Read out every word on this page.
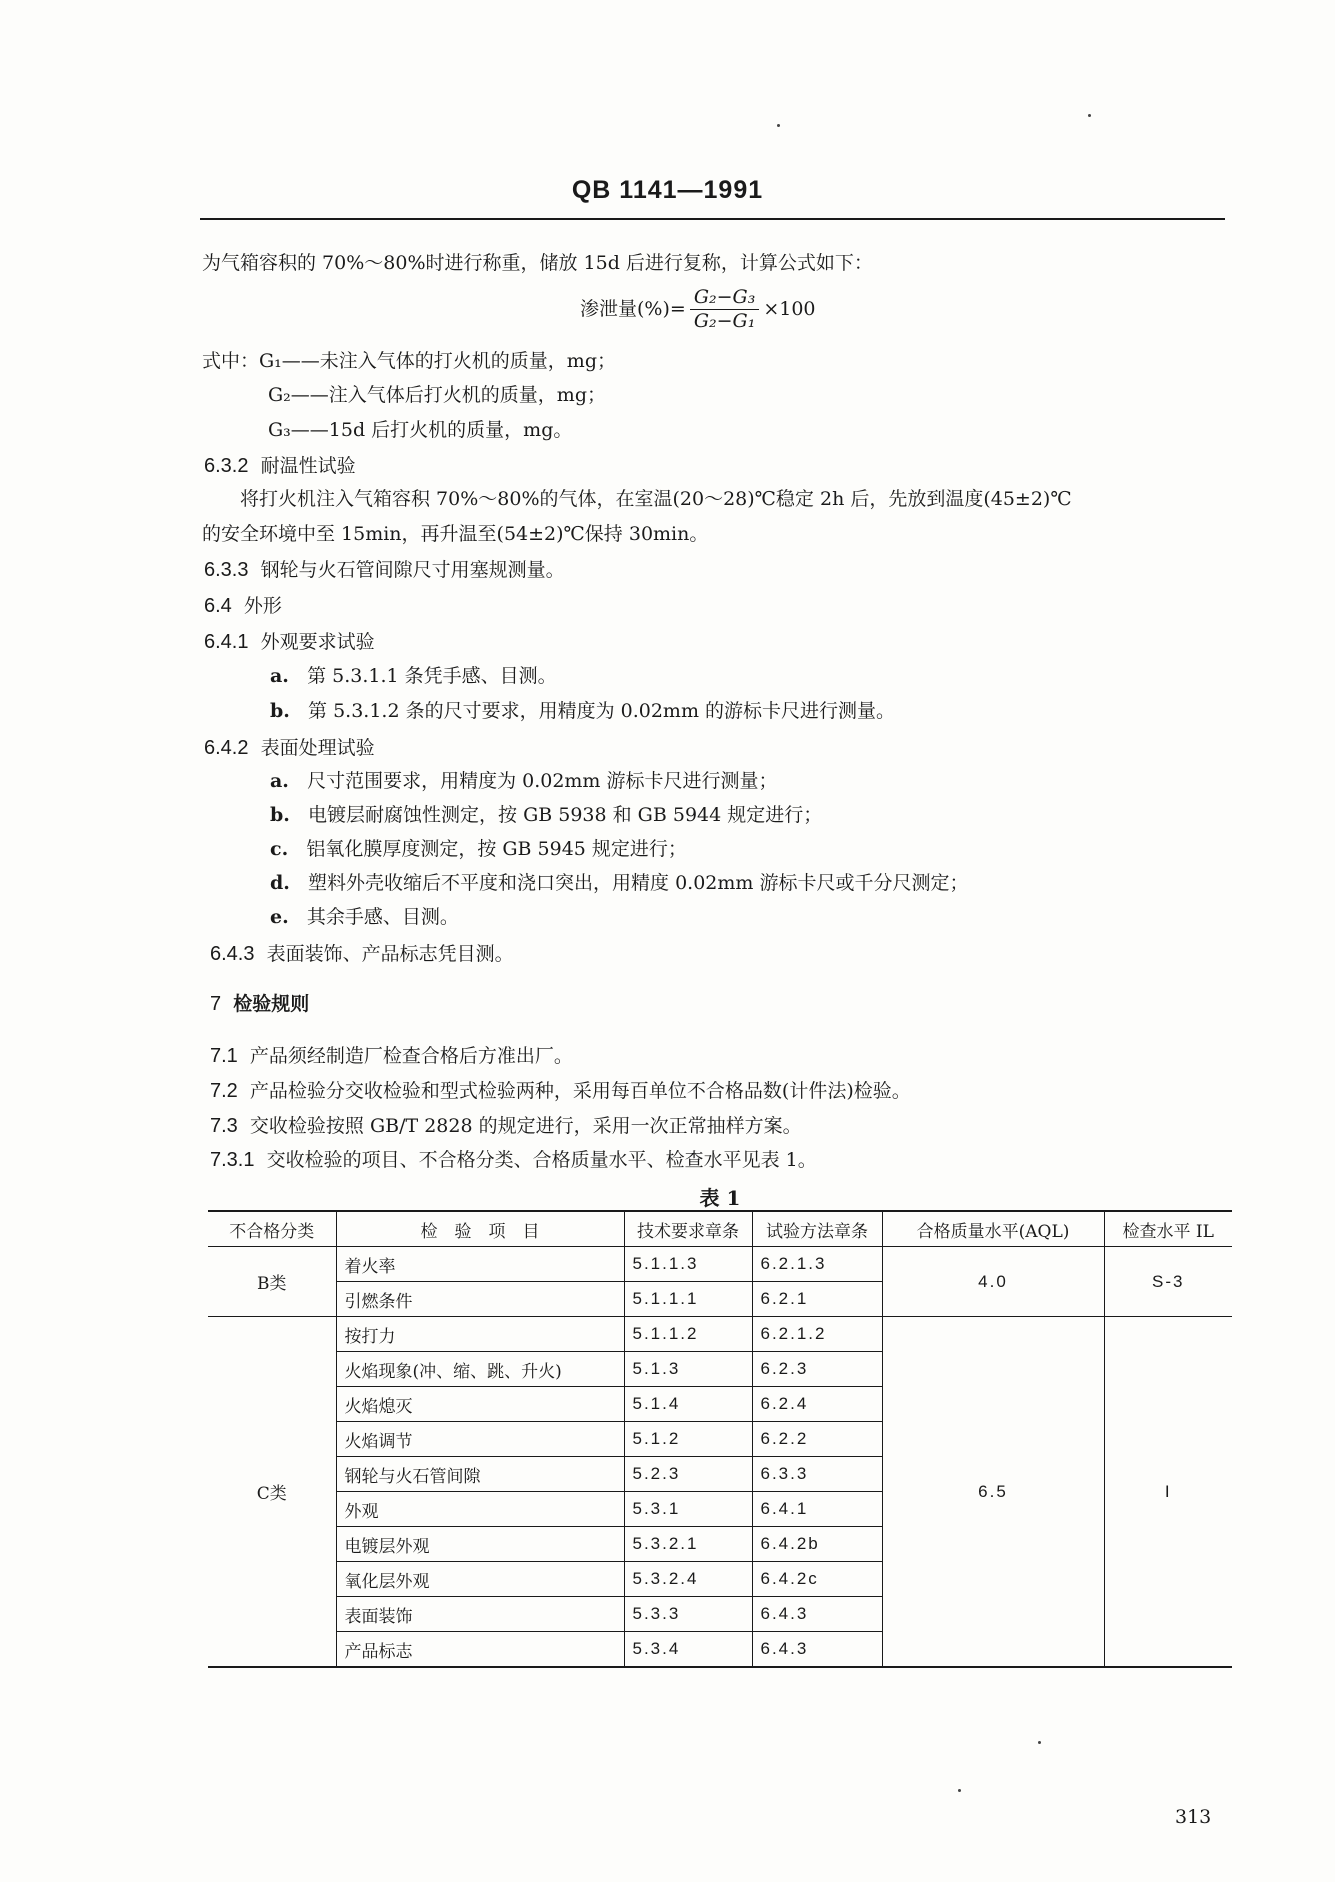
QB 1141—1991
为气箱容积的 70%～80%时进行称重，储放 15d 后进行复称，计算公式如下：
渗泄量(%)= $\frac{\text{G₂−G₃}}{\text{G₂−G₁}} \times 100$
式中：G₁——未注入气体的打火机的质量，mg；
G₂——注入气体后打火机的质量，mg；
G₃——15d 后打火机的质量，mg。
6.3.2 耐温性试验
将打火机注入气箱容积 70%～80%的气体，在室温(20～28)℃稳定 2h 后，先放到温度(45±2)℃
的安全环境中至 15min，再升温至(54±2)℃保持 30min。
6.3.3 钢轮与火石管间隙尺寸用塞规测量。
6.4 外形
6.4.1 外观要求试验
a. 第 5.3.1.1 条凭手感、目测。
b. 第 5.3.1.2 条的尺寸要求，用精度为 0.02mm 的游标卡尺进行测量。
6.4.2 表面处理试验
a. 尺寸范围要求，用精度为 0.02mm 游标卡尺进行测量；
b. 电镀层耐腐蚀性测定，按 GB 5938 和 GB 5944 规定进行；
c. 铝氧化膜厚度测定，按 GB 5945 规定进行；
d. 塑料外壳收缩后不平度和浇口突出，用精度 0.02mm 游标卡尺或千分尺测定；
e. 其余手感、目测。
6.4.3 表面装饰、产品标志凭目测。
7 检验规则
7.1 产品须经制造厂检查合格后方准出厂。
7.2 产品检验分交收检验和型式检验两种，采用每百单位不合格品数(计件法)检验。
7.3 交收检验按照 GB/T 2828 的规定进行，采用一次正常抽样方案。
7.3.1 交收检验的项目、不合格分类、合格质量水平、检查水平见表 1。
表 1
不合格分类	检　验　项　目	技术要求章条	试验方法章条	合格质量水平(AQL)	检查水平 IL
B类	着火率	5.1.1.3	6.2.1.3	4.0	S-3
	引燃条件	5.1.1.1	6.2.1		
C类	按打力	5.1.1.2	6.2.1.2	6.5	I
	火焰现象(冲、缩、跳、升火)	5.1.3	6.2.3		
	火焰熄灭	5.1.4	6.2.4		
	火焰调节	5.1.2	6.2.2		
	钢轮与火石管间隙	5.2.3	6.3.3		
	外观	5.3.1	6.4.1		
	电镀层外观	5.3.2.1	6.4.2b		
	氧化层外观	5.3.2.4	6.4.2c		
	表面装饰	5.3.3	6.4.3		
	产品标志	5.3.4	6.4.3		
313
